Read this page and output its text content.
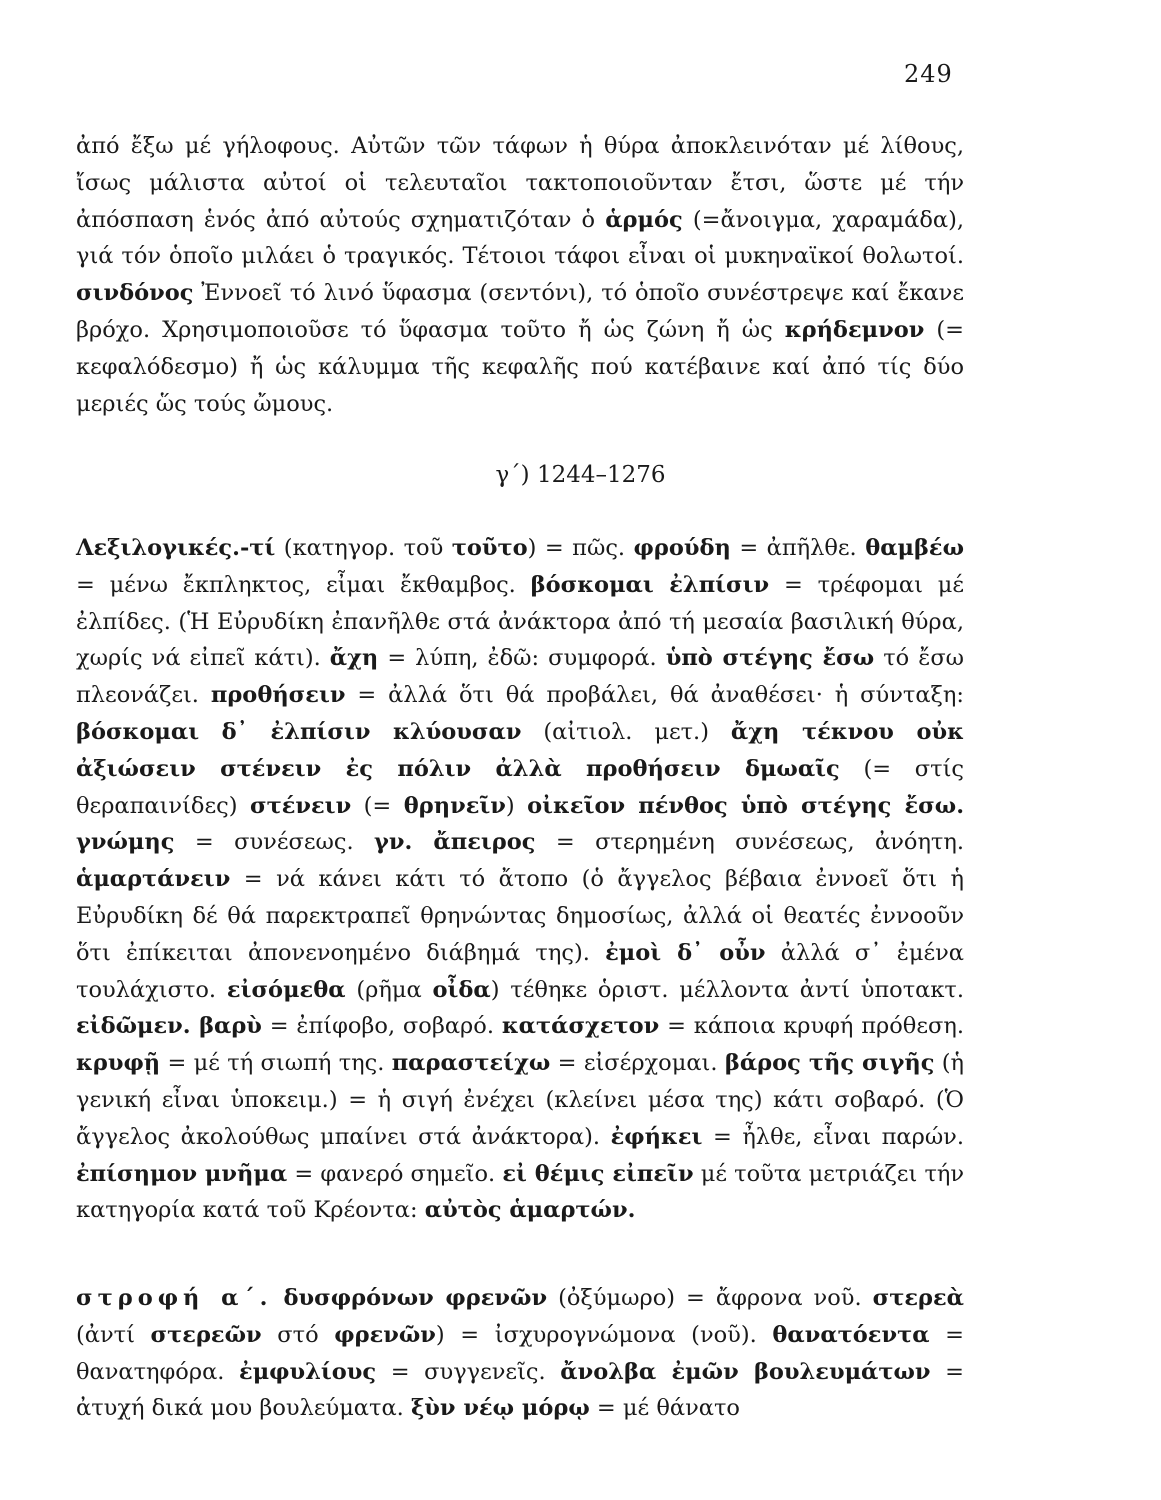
249

ἀπό ἔξω μέ γήλοφους. Αὐτῶν τῶν τάφων ἡ θύρα ἀποκλεινόταν μέ λίθους, ἴσως μάλιστα αὐτοί οἱ τελευταῖοι τακτοποιοῦνταν ἔτσι, ὥστε μέ τήν ἀπόσπαση ἑνός ἀπό αὐτούς σχηματιζόταν ὁ ἁρμός (=ἄνοιγμα, χαραμάδα), γιά τόν ὁποῖο μιλάει ὁ τραγικός. Τέτοιοι τάφοι εἶναι οἱ μυκηναϊκοί θολωτοί. σινδόνος Ἐννοεῖ τό λινό ὕφασμα (σεντόνι), τό ὁποῖο συνέστρεψε καί ἔκανε βρόχο. Χρησιμοποιοῦσε τό ὕφασμα τοῦτο ἤ ὡς ζώνη ἤ ὡς κρήδεμνον (= κεφαλόδεσμο) ἤ ὡς κάλυμμα τῆς κεφαλῆς πού κατέβαινε καί ἀπό τίς δύο μεριές ὥς τούς ὤμους.

γ΄) 1244–1276

Λεξιλογικές.-τί (κατηγορ. τοῦ τοῦτο) = πῶς. φρούδη = ἀπῆλθε. θαμβέω = μένω ἔκπληκτος, εἶμαι ἔκθαμβος. βόσκομαι ἐλπίσιν = τρέφομαι μέ ἐλπίδες. (Ἡ Εὐρυδίκη ἐπανῆλθε στά ἀνάκτορα ἀπό τή μεσαία βασιλική θύρα, χωρίς νά εἰπεῖ κάτι). ἄχη = λύπη, ἐδῶ: συμφορά. ὑπὸ στέγης ἔσω τό ἔσω πλεονάζει. προθήσειν = ἀλλά ὅτι θά προβάλει, θά ἀναθέσει· ἡ σύνταξη: βόσκομαι δ᾽ ἐλπίσιν κλύουσαν (αἰτιολ. μετ.) ἄχη τέκνου οὐκ ἀξιώσειν στένειν ἐς πόλιν ἀλλὰ προθήσειν δμωαῖς (= στίς θεραπαινίδες) στένειν (= θρηνεῖν) οἰκεῖον πένθος ὑπὸ στέγης ἔσω. γνώμης = συνέσεως. γν. ἄπειρος = στερημένη συνέσεως, ἀνόητη. ἁμαρτάνειν = νά κάνει κάτι τό ἄτοπο (ὁ ἄγγελος βέβαια ἐννοεῖ ὅτι ἡ Εὐρυδίκη δέ θά παρεκτραπεῖ θρηνώντας δημοσίως, ἀλλά οἱ θεατές ἐννοοῦν ὅτι ἐπίκειται ἀπονενοημένο διάβημά της). ἐμοὶ δ᾽ οὖν ἀλλά σ᾽ ἐμένα τουλάχιστο. εἰσόμεθα (ρῆμα οἶδα) τέθηκε ὁριστ. μέλλοντα ἀντί ὑποτακτ. εἰδῶμεν. βαρὺ = ἐπίφοβο, σοβαρό. κατάσχετον = κάποια κρυφή πρόθεση. κρυφῇ = μέ τή σιωπή της. παραστείχω = εἰσέρχομαι. βάρος τῆς σιγῆς (ἡ γενική εἶναι ὑποκειμ.) = ἡ σιγή ἐνέχει (κλείνει μέσα της) κάτι σοβαρό. (Ὁ ἄγγελος ἀκολούθως μπαίνει στά ἀνάκτορα). ἐφήκει = ἦλθε, εἶναι παρών. ἐπίσημον μνῆμα = φανερό σημεῖο. εἰ θέμις εἰπεῖν μέ τοῦτα μετριάζει τήν κατηγορία κατά τοῦ Κρέοντα: αὐτὸς ἁμαρτών.

στροφή α΄. δυσφρόνων φρενῶν (ὀξύμωρο) = ἄφρονα νοῦ. στερεὰ (ἀντί στερεῶν στό φρενῶν) = ἰσχυρογνώμονα (νοῦ). θανατόεντα = θανατηφόρα. ἐμφυλίους = συγγενεῖς. ἄνολβα ἐμῶν βουλευμάτων = ἀτυχή δικά μου βουλεύματα. ξὺν νέῳ μόρῳ = μέ θάνατο
